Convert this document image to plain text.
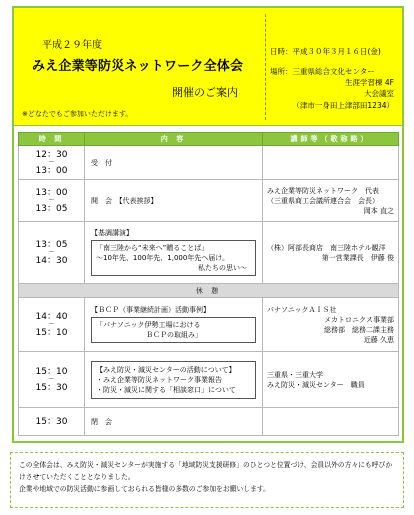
平成２９年度
みえ企業等防災ネットワーク全体会
開催のご案内
※どなたでもご参加いただけます。
日時：平成３０年３月１６日(金)
場所：三重県総合文化センター
生涯学習棟 4F
大会議室
（津市一身田上津部田1234）
時 間	内 容	講師等（敬称略）

12：30
〜
13：00	受　付	

13：00
〜
13：05	開　会　【代表挨拶】	みえ企業等防災ネットワーク　代表
（三重県商工会議所連合会　会長）
岡本 直之

13：05
〜
14：30	【基調講演】
「南三陸から“未来へ”贈ることば」
〜10年先、100年先、1,000年先へ届け。
私たちの思い〜	（株）阿部長商店　南三陸ホテル観洋
第一営業課長　伊藤 俊

休 憩		

14：40
〜
15：10	【ＢＣＰ（事業継続計画）活動事例】
「パナソニック伊勢工場における
ＢＣＰの取組み」	パナソニックＡＩＳ社
メカトロニクス事業部
総務部　総務二課主務
近藤 久恵

15：10
〜
15：30	【みえ防災・減災センターの活動について】
・みえ企業等防災ネットワーク事業報告
・防災・減災に関する「相談窓口」について	三重県・三重大学
みえ防災・減災センター　職員

15：30	閉　会	

この全体会は、みえ防災・減災センターが実施する「地域防災支援研修」のひとつと位置づけ、会員以外の方々にも呼びかけさせていただくこととなりました。
企業や地域での防災活動に参画しておられる皆様の多数のご参加をお願いします。
